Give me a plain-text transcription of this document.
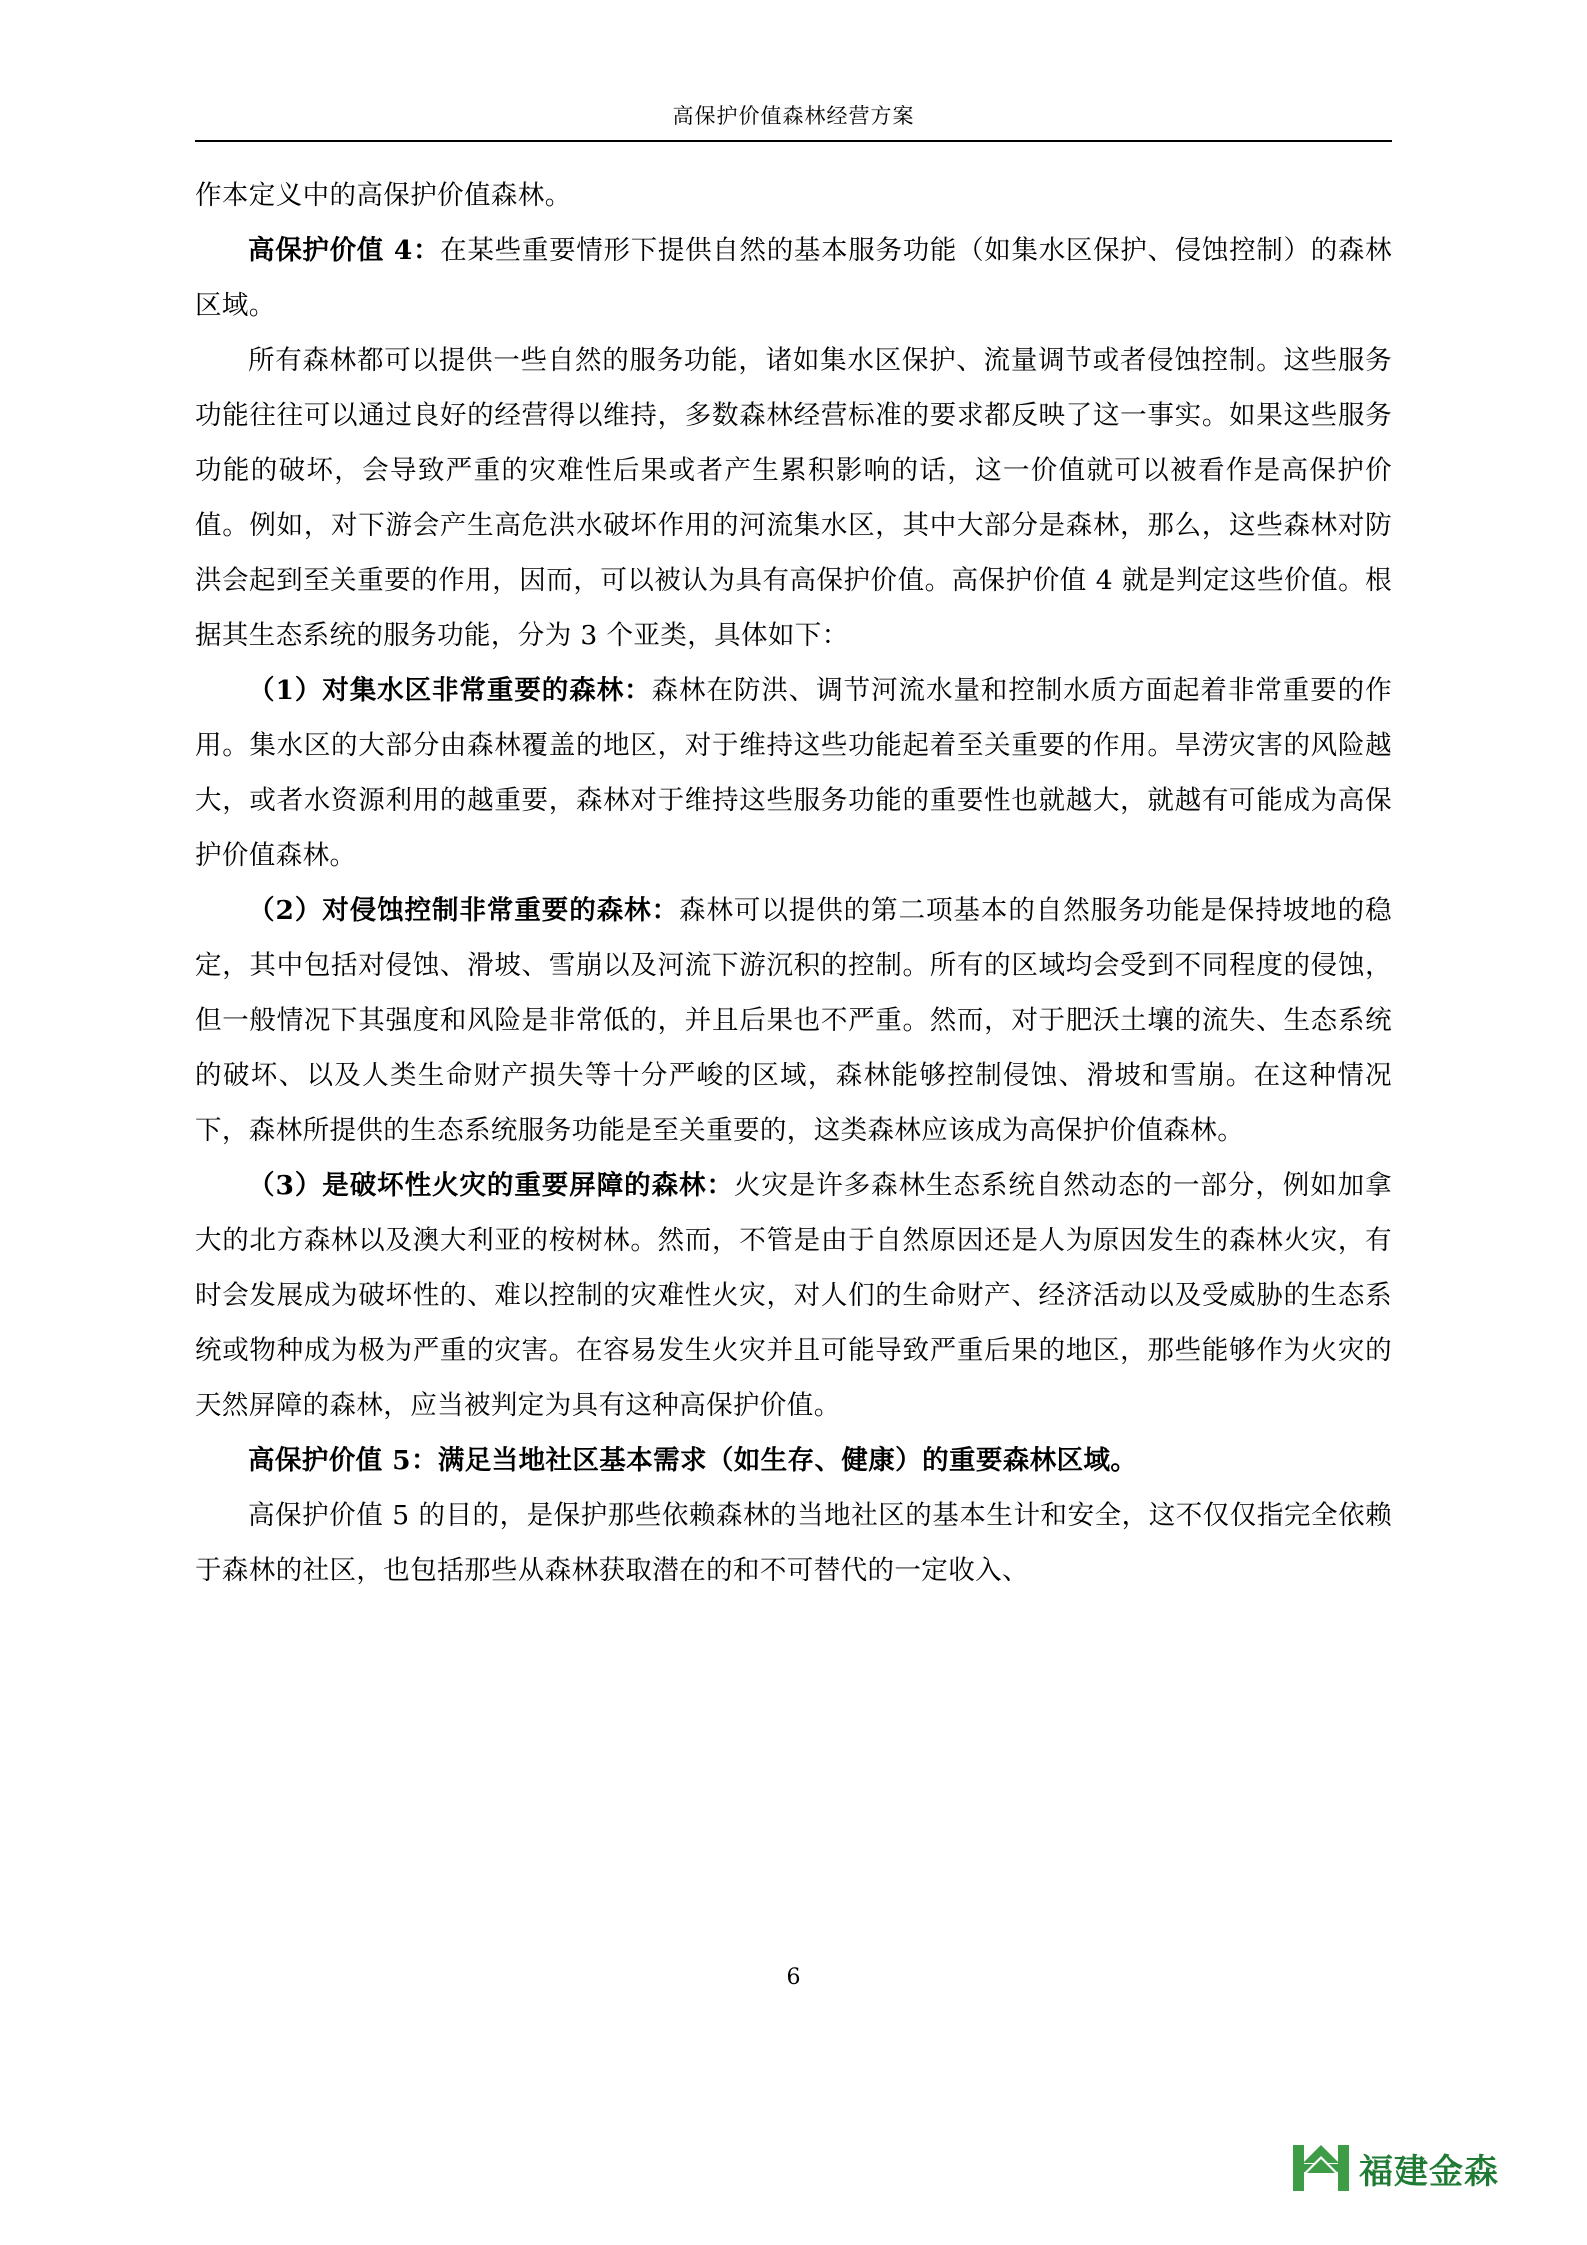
高保护价值森林经营方案

作本定义中的高保护价值森林。

高保护价值 4：在某些重要情形下提供自然的基本服务功能（如集水区保护、侵蚀控制）的森林区域。

所有森林都可以提供一些自然的服务功能，诸如集水区保护、流量调节或者侵蚀控制。这些服务功能往往可以通过良好的经营得以维持，多数森林经营标准的要求都反映了这一事实。如果这些服务功能的破坏，会导致严重的灾难性后果或者产生累积影响的话，这一价值就可以被看作是高保护价值。例如，对下游会产生高危洪水破坏作用的河流集水区，其中大部分是森林，那么，这些森林对防洪会起到至关重要的作用，因而，可以被认为具有高保护价值。高保护价值 4 就是判定这些价值。根据其生态系统的服务功能，分为 3 个亚类，具体如下：

（1）对集水区非常重要的森林：森林在防洪、调节河流水量和控制水质方面起着非常重要的作用。集水区的大部分由森林覆盖的地区，对于维持这些功能起着至关重要的作用。旱涝灾害的风险越大，或者水资源利用的越重要，森林对于维持这些服务功能的重要性也就越大，就越有可能成为高保护价值森林。

（2）对侵蚀控制非常重要的森林：森林可以提供的第二项基本的自然服务功能是保持坡地的稳定，其中包括对侵蚀、滑坡、雪崩以及河流下游沉积的控制。所有的区域均会受到不同程度的侵蚀，但一般情况下其强度和风险是非常低的，并且后果也不严重。然而，对于肥沃土壤的流失、生态系统的破坏、以及人类生命财产损失等十分严峻的区域，森林能够控制侵蚀、滑坡和雪崩。在这种情况下，森林所提供的生态系统服务功能是至关重要的，这类森林应该成为高保护价值森林。

（3）是破坏性火灾的重要屏障的森林：火灾是许多森林生态系统自然动态的一部分，例如加拿大的北方森林以及澳大利亚的桉树林。然而，不管是由于自然原因还是人为原因发生的森林火灾，有时会发展成为破坏性的、难以控制的灾难性火灾，对人们的生命财产、经济活动以及受威胁的生态系统或物种成为极为严重的灾害。在容易发生火灾并且可能导致严重后果的地区，那些能够作为火灾的天然屏障的森林，应当被判定为具有这种高保护价值。

高保护价值 5：满足当地社区基本需求（如生存、健康）的重要森林区域。

高保护价值 5 的目的，是保护那些依赖森林的当地社区的基本生计和安全，这不仅仅指完全依赖于森林的社区，也包括那些从森林获取潜在的和不可替代的一定收入、

6
福建金森
